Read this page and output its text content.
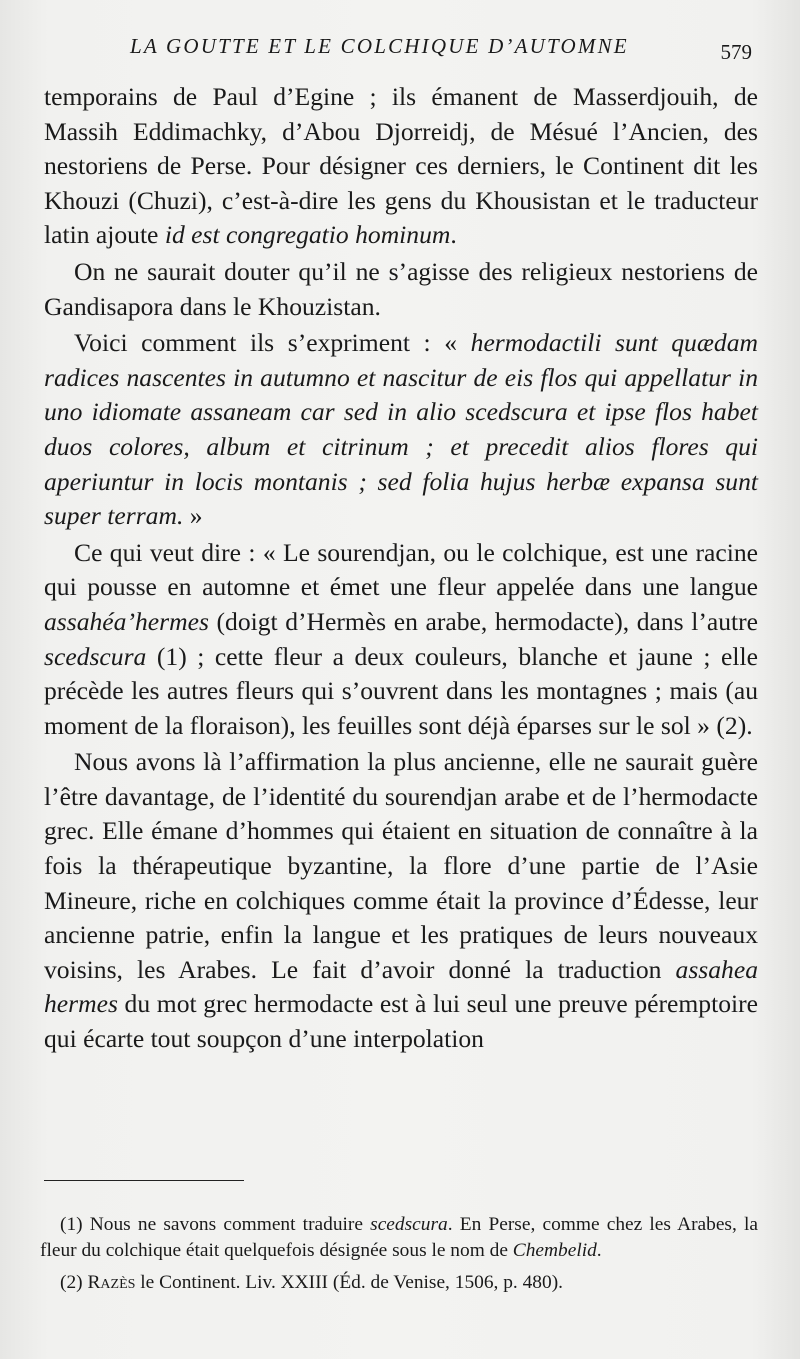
LA GOUTTE ET LE COLCHIQUE D’AUTOMNE	579

temporains de Paul d’Egine ; ils émanent de Masserdjouih, de Massih Eddimachky, d’Abou Djorreidj, de Mésué l’Ancien, des nestoriens de Perse. Pour désigner ces derniers, le Continent dit les Khouzi (Chuzi), c’est-à-dire les gens du Khousistan et le traducteur latin ajoute id est congregatio hominum.

On ne saurait douter qu’il ne s’agisse des religieux nestoriens de Gandisapora dans le Khouzistan.

Voici comment ils s’expriment : « hermodactili sunt quædam radices nascentes in autumno et nascitur de eis flos qui appellatur in uno idiomate assaneam car sed in alio scedscura et ipse flos habet duos colores, album et citrinum ; et precedit alios flores qui aperiuntur in locis montanis ; sed folia hujus herbæ expansa sunt super terram. »

Ce qui veut dire : « Le sourendjan, ou le colchique, est une racine qui pousse en automne et émet une fleur appelée dans une langue assahéa’hermes (doigt d’Hermès en arabe, hermodacte), dans l’autre scedscura (1) ; cette fleur a deux couleurs, blanche et jaune ; elle précède les autres fleurs qui s’ouvrent dans les montagnes ; mais (au moment de la floraison), les feuilles sont déjà éparses sur le sol » (2).

Nous avons là l’affirmation la plus ancienne, elle ne saurait guère l’être davantage, de l’identité du sourendjan arabe et de l’hermodacte grec. Elle émane d’hommes qui étaient en situation de connaître à la fois la thérapeutique byzantine, la flore d’une partie de l’Asie Mineure, riche en colchiques comme était la province d’Édesse, leur ancienne patrie, enfin la langue et les pratiques de leurs nouveaux voisins, les Arabes. Le fait d’avoir donné la traduction assahea hermes du mot grec hermodacte est à lui seul une preuve péremptoire qui écarte tout soupçon d’une interpolation

(1) Nous ne savons comment traduire scedscura. En Perse, comme chez les Arabes, la fleur du colchique était quelquefois désignée sous le nom de Chembelid.

(2) Razès le Continent. Liv. XXIII (Éd. de Venise, 1506, p. 480).
